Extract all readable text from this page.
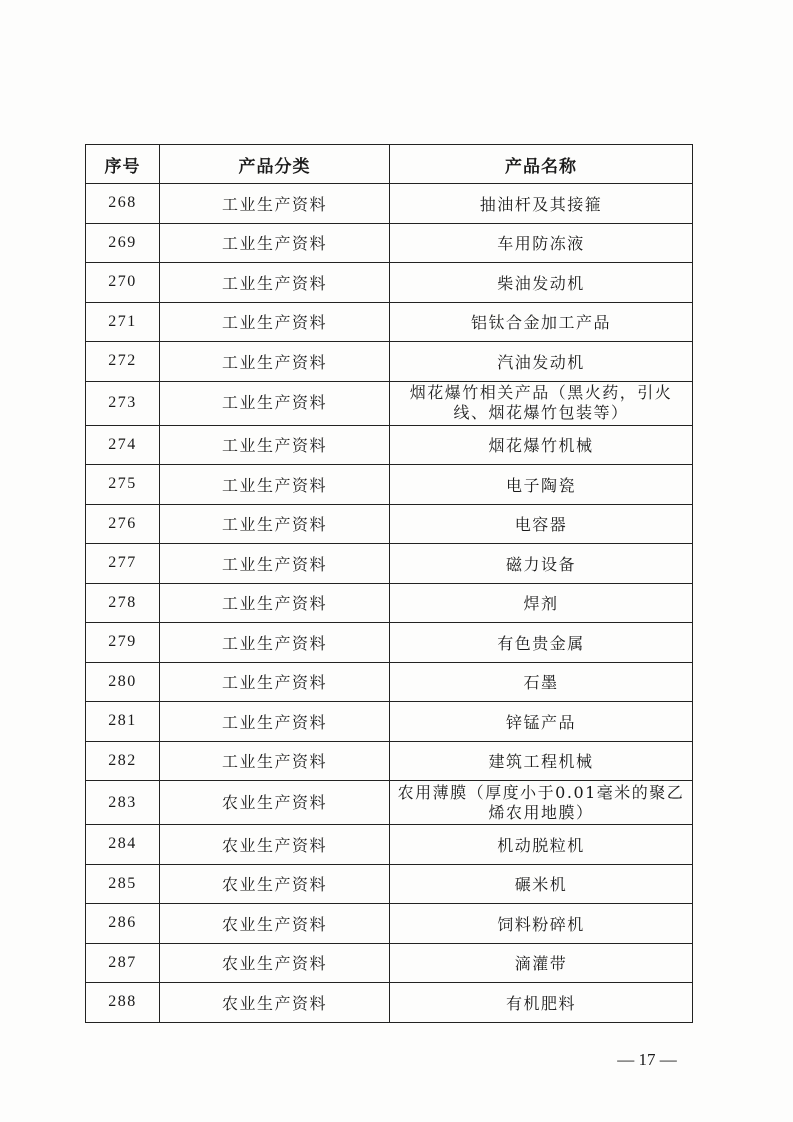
序号	产品分类	产品名称
268	工业生产资料	抽油杆及其接箍
269	工业生产资料	车用防冻液
270	工业生产资料	柴油发动机
271	工业生产资料	铝钛合金加工产品
272	工业生产资料	汽油发动机
273	工业生产资料	烟花爆竹相关产品（黑火药，引火线、烟花爆竹包装等）
274	工业生产资料	烟花爆竹机械
275	工业生产资料	电子陶瓷
276	工业生产资料	电容器
277	工业生产资料	磁力设备
278	工业生产资料	焊剂
279	工业生产资料	有色贵金属
280	工业生产资料	石墨
281	工业生产资料	锌锰产品
282	工业生产资料	建筑工程机械
283	农业生产资料	农用薄膜（厚度小于0.01毫米的聚乙烯农用地膜）
284	农业生产资料	机动脱粒机
285	农业生产资料	碾米机
286	农业生产资料	饲料粉碎机
287	农业生产资料	滴灌带
288	农业生产资料	有机肥料
— 17 —
